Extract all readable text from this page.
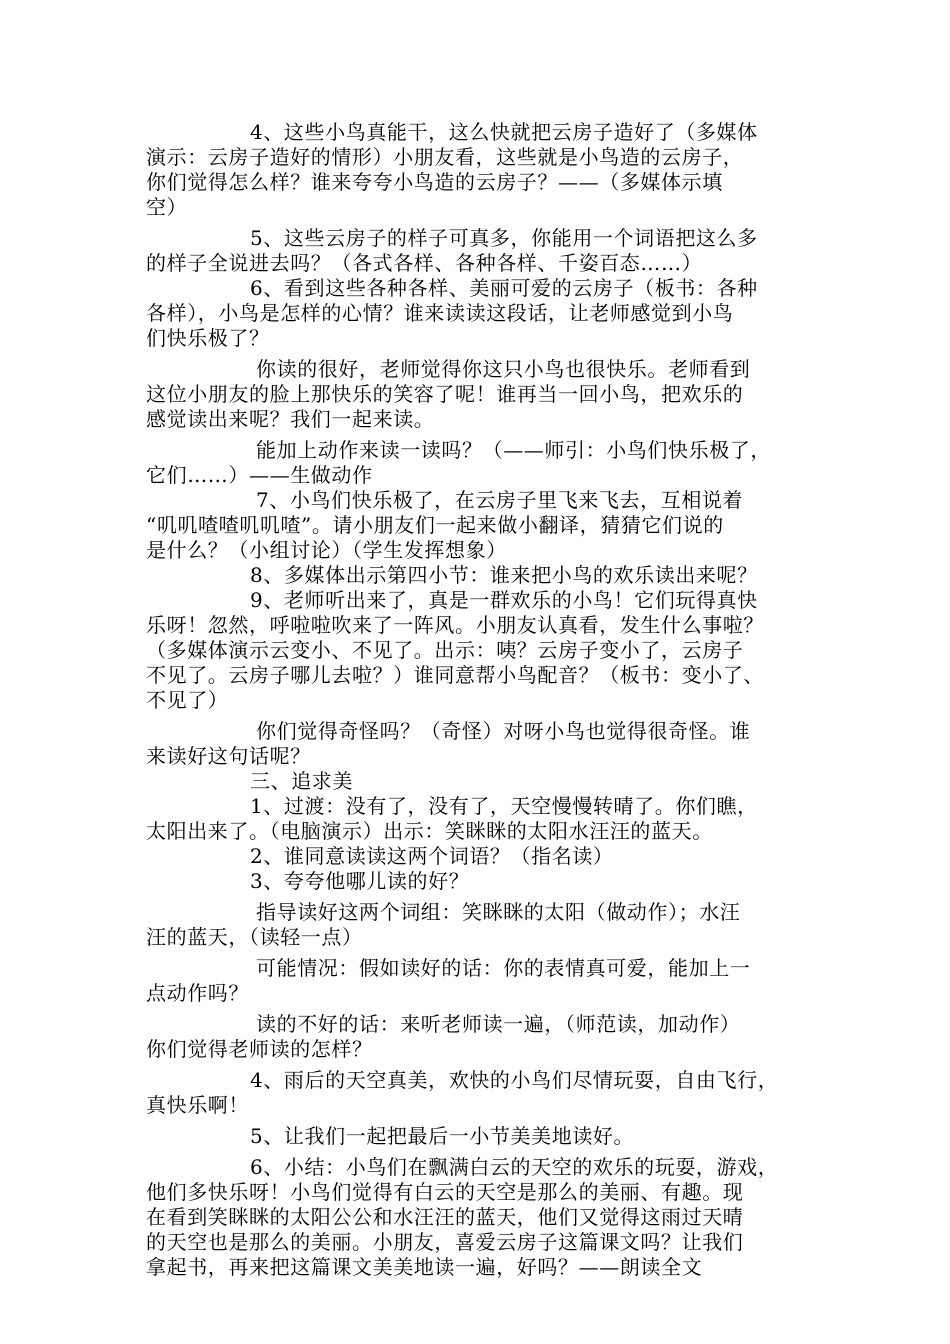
4、这些小鸟真能干，这么快就把云房子造好了（多媒体
演示：云房子造好的情形）小朋友看，这些就是小鸟造的云房子，
你们觉得怎么样？谁来夸夸小鸟造的云房子？——（多媒体示填
空）

5、这些云房子的样子可真多，你能用一个词语把这么多
的样子全说进去吗？（各式各样、各种各样、千姿百态……）

6、看到这些各种各样、美丽可爱的云房子（板书：各种
各样），小鸟是怎样的心情？谁来读读这段话，让老师感觉到小鸟
们快乐极了？

你读的很好，老师觉得你这只小鸟也很快乐。老师看到
这位小朋友的脸上那快乐的笑容了呢！谁再当一回小鸟，把欢乐的
感觉读出来呢？我们一起来读。

能加上动作来读一读吗？（——师引：小鸟们快乐极了，
它们……）——生做动作

7、小鸟们快乐极了，在云房子里飞来飞去，互相说着
“叽叽喳喳叽叽喳”。请小朋友们一起来做小翻译，猜猜它们说的
是什么？（小组讨论）（学生发挥想象）

8、多媒体出示第四小节：谁来把小鸟的欢乐读出来呢？

9、老师听出来了，真是一群欢乐的小鸟！它们玩得真快
乐呀！忽然，呼啦啦吹来了一阵风。小朋友认真看，发生什么事啦？
（多媒体演示云变小、不见了。出示：咦？云房子变小了，云房子
不见了。云房子哪儿去啦？）谁同意帮小鸟配音？（板书：变小了、
不见了）

你们觉得奇怪吗？（奇怪）对呀小鸟也觉得很奇怪。谁
来读好这句话呢？

三、追求美

1、过渡：没有了，没有了，天空慢慢转晴了。你们瞧，
太阳出来了。（电脑演示）出示：笑眯眯的太阳水汪汪的蓝天。

2、谁同意读读这两个词语？（指名读）

3、夸夸他哪儿读的好？

指导读好这两个词组：笑眯眯的太阳（做动作）；水汪
汪的蓝天，（读轻一点）

可能情况：假如读好的话：你的表情真可爱，能加上一
点动作吗？

读的不好的话：来听老师读一遍，（师范读，加动作）
你们觉得老师读的怎样？

4、雨后的天空真美，欢快的小鸟们尽情玩耍，自由飞行，
真快乐啊！

5、让我们一起把最后一小节美美地读好。

6、小结：小鸟们在飘满白云的天空的欢乐的玩耍，游戏，
他们多快乐呀！小鸟们觉得有白云的天空是那么的美丽、有趣。现
在看到笑眯眯的太阳公公和水汪汪的蓝天，他们又觉得这雨过天晴
的天空也是那么的美丽。小朋友，喜爱云房子这篇课文吗？让我们
拿起书，再来把这篇课文美美地读一遍，好吗？——朗读全文
